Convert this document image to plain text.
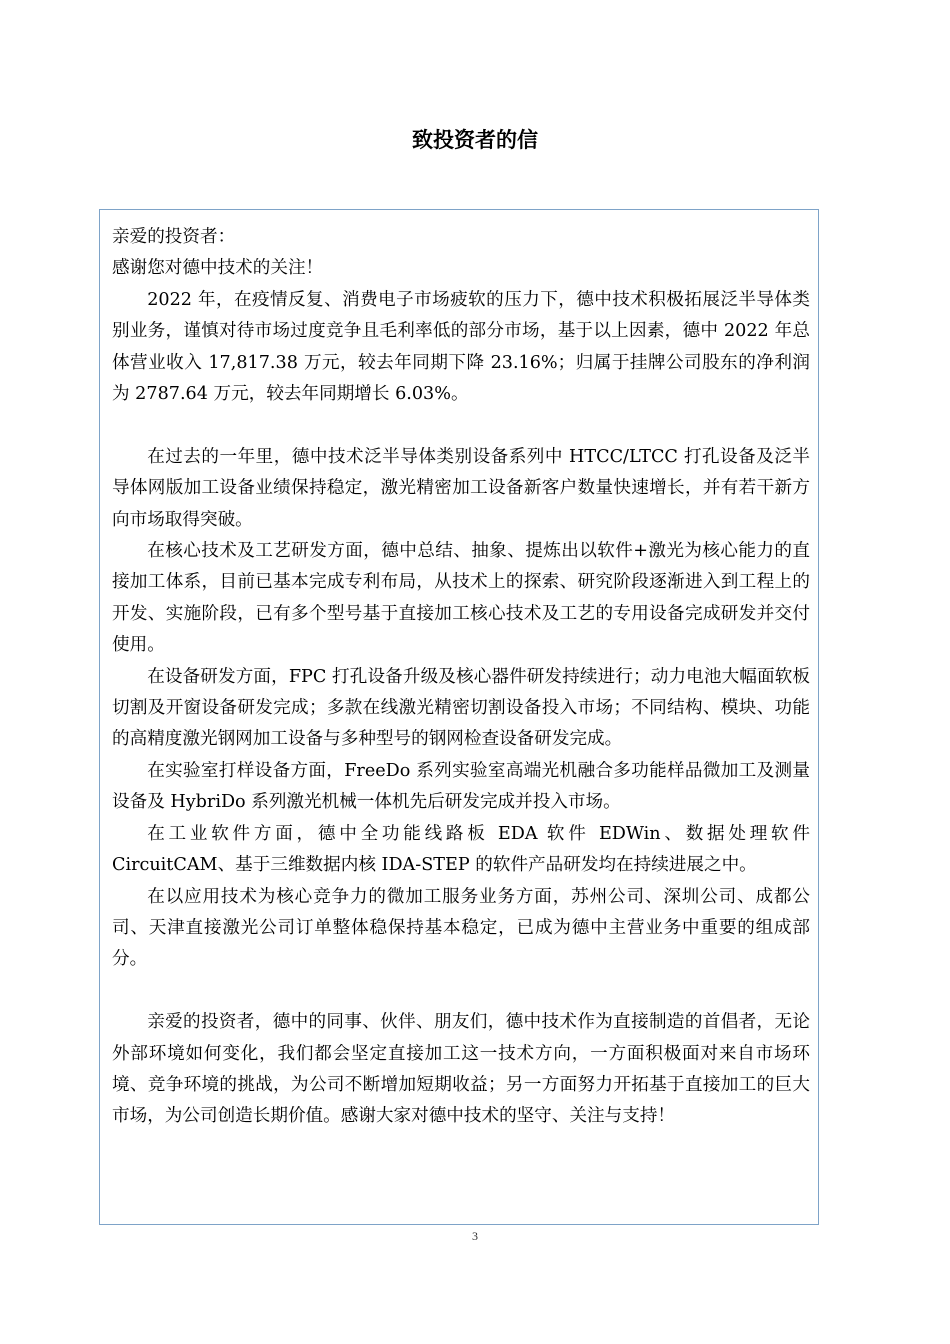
致投资者的信

亲爱的投资者：

感谢您对德中技术的关注！

2022 年，在疫情反复、消费电子市场疲软的压力下，德中技术积极拓展泛半导体类别业务，谨慎对待市场过度竞争且毛利率低的部分市场，基于以上因素，德中 2022 年总体营业收入 17,817.38 万元，较去年同期下降 23.16%；归属于挂牌公司股东的净利润为 2787.64 万元，较去年同期增长 6.03%。

在过去的一年里，德中技术泛半导体类别设备系列中 HTCC/LTCC 打孔设备及泛半导体网版加工设备业绩保持稳定，激光精密加工设备新客户数量快速增长，并有若干新方向市场取得突破。

在核心技术及工艺研发方面，德中总结、抽象、提炼出以软件+激光为核心能力的直接加工体系，目前已基本完成专利布局，从技术上的探索、研究阶段逐渐进入到工程上的开发、实施阶段，已有多个型号基于直接加工核心技术及工艺的专用设备完成研发并交付使用。

在设备研发方面，FPC 打孔设备升级及核心器件研发持续进行；动力电池大幅面软板切割及开窗设备研发完成；多款在线激光精密切割设备投入市场；不同结构、模块、功能的高精度激光钢网加工设备与多种型号的钢网检查设备研发完成。

在实验室打样设备方面，FreeDo 系列实验室高端光机融合多功能样品微加工及测量设备及 HybriDo 系列激光机械一体机先后研发完成并投入市场。

在工业软件方面，德中全功能线路板 EDA 软件 EDWin、数据处理软件 CircuitCAM、基于三维数据内核 IDA-STEP 的软件产品研发均在持续进展之中。

在以应用技术为核心竞争力的微加工服务业务方面，苏州公司、深圳公司、成都公司、天津直接激光公司订单整体稳保持基本稳定，已成为德中主营业务中重要的组成部分。

亲爱的投资者，德中的同事、伙伴、朋友们，德中技术作为直接制造的首倡者，无论外部环境如何变化，我们都会坚定直接加工这一技术方向，一方面积极面对来自市场环境、竞争环境的挑战，为公司不断增加短期收益；另一方面努力开拓基于直接加工的巨大市场，为公司创造长期价值。感谢大家对德中技术的坚守、关注与支持！

3
